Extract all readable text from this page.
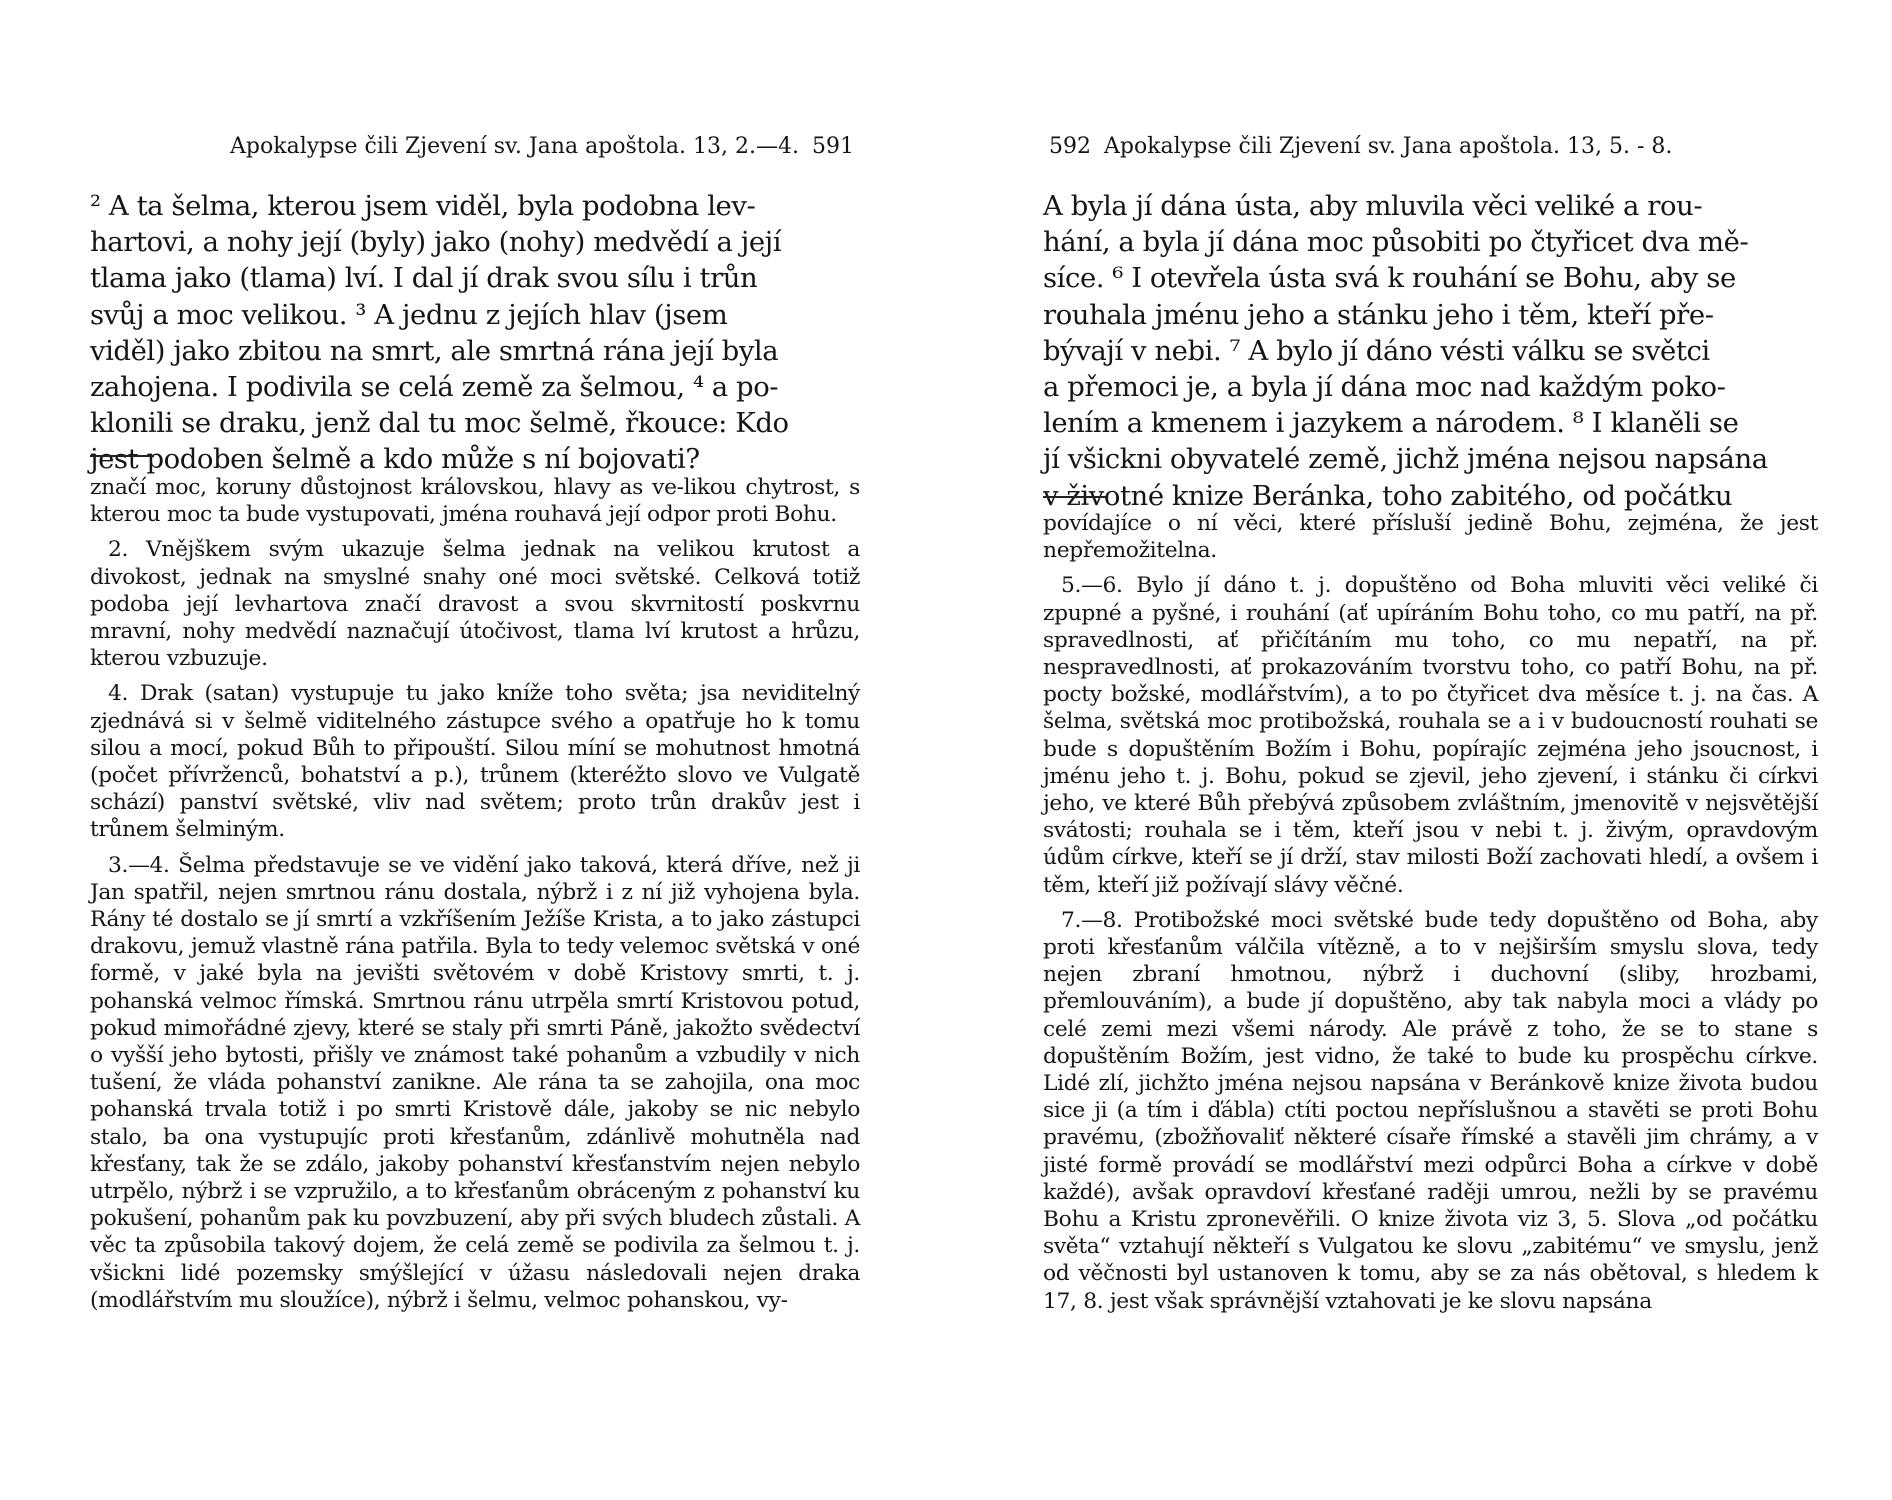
Apokalypse čili Zjevení sv. Jana apoštola. 13, 2.—4. 591
² A ta šelma, kterou jsem viděl, byla podobna lev-
hartovi, a nohy její (byly) jako (nohy) medvědí a její
tlama jako (tlama) lví. I dal jí drak svou sílu i trůn
svůj a moc velikou. ³ A jednu z jejích hlav (jsem
viděl) jako zbitou na smrt, ale smrtná rána její byla
zahojena. I podivila se celá země za šelmou, ⁴ a po-
klonili se draku, jenž dal tu moc šelmě, řkouce: Kdo
jest podoben šelmě a kdo může s ní bojovati?

značí moc, koruny důstojnost královskou, hlavy as ve-likou chytrost, s kterou moc ta bude vystupovati, jména rouhavá její odpor proti Bohu.

2. Vnějškem svým ukazuje šelma jednak na velikou krutost a divokost, jednak na smyslné snahy oné moci světské. Celková totiž podoba její levhartova značí dravost a svou skvrnitostí poskvrnu mravní, nohy medvědí naznačují útočivost, tlama lví krutost a hrůzu, kterou vzbuzuje.

4. Drak (satan) vystupuje tu jako kníže toho světa; jsa neviditelný zjednává si v šelmě viditelného zástupce svého a opatřuje ho k tomu silou a mocí, pokud Bůh to připouští. Silou míní se mohutnost hmotná (počet přívrženců, bohatství a p.), trůnem (kteréžto slovo ve Vulgatě schází) panství světské, vliv nad světem; proto trůn drakův jest i trůnem šelminým.

3.—4. Šelma představuje se ve vidění jako taková, která dříve, než ji Jan spatřil, nejen smrtnou ránu dostala, nýbrž i z ní již vyhojena byla. Rány té dostalo se jí smrtí a vzkříšením Ježíše Krista, a to jako zástupci drakovu, jemuž vlastně rána patřila. Byla to tedy velemoc světská v oné formě, v jaké byla na jevišti světovém v době Kristovy smrti, t. j. pohanská velmoc římská. Smrtnou ránu utrpěla smrtí Kristovou potud, pokud mimořádné zjevy, které se staly při smrti Páně, jakožto svědectví o vyšší jeho bytosti, přišly ve známost také pohanům a vzbudily v nich tušení, že vláda pohanství zaniknе. Ale rána ta se zahojila, ona moc pohanská trvala totiž i po smrti Kristově dále, jakoby se nic nebylo stalo, ba ona vystupujíc proti křesťanům, zdánlivě mohutněla nad křesťany, tak že se zdálo, jakoby pohanství křesťanstvím nejen nebylo utrpělo, nýbrž i se vzpružilo, a to křesťanům obráceným z pohanství ku pokušení, pohanům pak ku povzbuzení, aby při svých bludech zůstali. A věc ta způsobila takový dojem, že celá země se podivila za šelmou t. j. všickni lidé pozemsky smýšlející v úžasu následovali nejen draka (modlářstvím mu sloužíce), nýbrž i šelmu, velmoc pohanskou, vy-

592 Apokalypse čili Zjevení sv. Jana apoštola. 13, 5. - 8.
A byla jí dána ústa, aby mluvila věci veliké a rou-
hání, a byla jí dána moc působiti po čtyřicet dva mě-
síce. ⁶ I otevřela ústa svá k rouhání se Bohu, aby se
rouhala jménu jeho a stánku jeho i těm, kteří pře-
bývají v nebi. ⁷ A bylo jí dáno vésti válku se světci
a přemoci je, a byla jí dána moc nad každým poko-
lením a kmenem i jazykem a národem. ⁸ I klaněli se
jí všickni obyvatelé země, jichž jména nejsou napsána
v životné knize Beránka, toho zabitého, od počátku

povídajíce o ní věci, které přísluší jedině Bohu, zejména, že jest nepřemožitelna.

5.—6. Bylo jí dáno t. j. dopuštěno od Boha mluviti věci veliké či zpupné a pyšné, i rouhání (ať upíráním Bohu toho, co mu patří, na př. spravedlnosti, ať přičítáním mu toho, co mu nepatří, na př. nespravedlnosti, ať prokazováním tvorstvu toho, co patří Bohu, na př. pocty božské, modlářstvím), a to po čtyřicet dva měsíce t. j. na čas. A šelma, světská moc protibožská, rouhala se a i v budoucností rouhati se bude s dopuštěním Božím i Bohu, popírajíc zejména jeho jsoucnost, i jménu jeho t. j. Bohu, pokud se zjevil, jeho zjevení, i stánku či církvi jeho, ve které Bůh přebývá způsobem zvláštním, jmenovitě v nejsvětější svátosti; rouhala se i těm, kteří jsou v nebi t. j. živým, opravdovým údům církve, kteří se jí drží, stav milosti Boží zachovati hledí, a ovšem i těm, kteří již požívají slávy věčné.

7.—8. Protibožské moci světské bude tedy dopuštěno od Boha, aby proti křesťanům válčila vítězně, a to v nejširším smyslu slova, tedy nejen zbraní hmotnou, nýbrž i duchovní (sliby, hrozbami, přemlouváním), a bude jí dopuštěno, aby tak nabyla moci a vlády po celé zemi mezi všemi národy. Ale právě z toho, že se to stane s dopuštěním Božím, jest vidno, že také to bude ku prospěchu církve. Lidé zlí, jichžto jména nejsou napsána v Beránkově knize života budou sice ji (a tím i ďábla) ctíti poctou nepříslušnou a stavěti se proti Bohu pravému, (zbožňovaliť některé císaře římské a stavěli jim chrámy, a v jisté formě provádí se modlářství mezi odpůrci Boha a církve v době každé), avšak opravdoví křesťané raději umrou, nežli by se pravému Bohu a Kristu zpronevěřili. O knize života viz 3, 5. Slova „od počátku světa“ vztahují někteří s Vulgatou ke slovu „zabitému“ ve smyslu, jenž od věčnosti byl ustanoven k tomu, aby se za nás obětoval, s hledem k 17, 8. jest však správnější vztahovati je ke slovu napsána
